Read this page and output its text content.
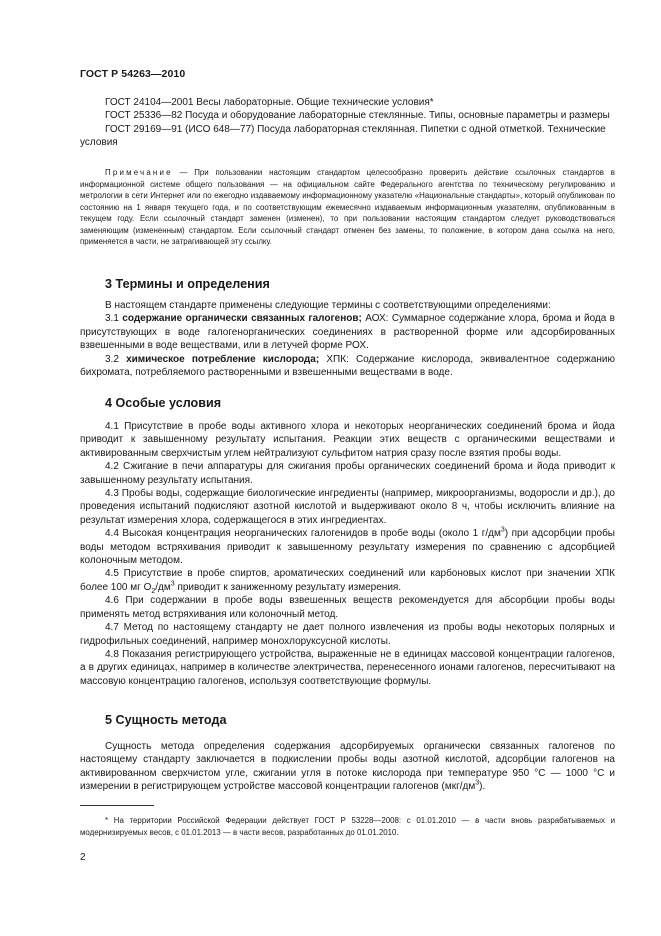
ГОСТ Р 54263—2010

ГОСТ 24104—2001 Весы лабораторные. Общие технические условия*

ГОСТ 25336—82 Посуда и оборудование лабораторные стеклянные. Типы, основные параметры и размеры

ГОСТ 29169—91 (ИСО 648—77) Посуда лабораторная стеклянная. Пипетки с одной отметкой. Технические условия

Примечание — При пользовании настоящим стандартом целесообразно проверить действие ссылочных стандартов в информационной системе общего пользования — на официальном сайте Федерального агентства по техническому регулированию и метрологии в сети Интернет или по ежегодно издаваемому информационному указателю «Национальные стандарты», который опубликован по состоянию на 1 января текущего года, и по соответствующим ежемесячно издаваемым информационным указателям, опубликованным в текущем году. Если ссылочный стандарт заменен (изменен), то при пользовании настоящим стандартом следует руководствоваться заменяющим (измененным) стандартом. Если ссылочный стандарт отменен без замены, то положение, в котором дана ссылка на него, применяется в части, не затрагивающей эту ссылку.

3 Термины и определения

В настоящем стандарте применены следующие термины с соответствующими определениями:

3.1 содержание органически связанных галогенов; АОХ: Суммарное содержание хлора, брома и йода в присутствующих в воде галогенорганических соединениях в растворенной форме или адсорбированных взвешенными в воде веществами, или в летучей форме РОХ.

3.2 химическое потребление кислорода; ХПК: Содержание кислорода, эквивалентное содержанию бихромата, потребляемого растворенными и взвешенными веществами в воде.

4 Особые условия

4.1 Присутствие в пробе воды активного хлора и некоторых неорганических соединений брома и йода приводит к завышенному результату испытания. Реакции этих веществ с органическими веществами и активированным сверхчистым углем нейтрализуют сульфитом натрия сразу после взятия пробы воды.

4.2 Сжигание в печи аппаратуры для сжигания пробы органических соединений брома и йода приводит к завышенному результату испытания.

4.3 Пробы воды, содержащие биологические ингредиенты (например, микроорганизмы, водоросли и др.), до проведения испытаний подкисляют азотной кислотой и выдерживают около 8 ч, чтобы исключить влияние на результат измерения хлора, содержащегося в этих ингредиентах.

4.4 Высокая концентрация неорганических галогенидов в пробе воды (около 1 $г/дм^3$) при адсорбции пробы воды методом встряхивания приводит к завышенному результату измерения по сравнению с адсорбцией колоночным методом.

4.5 Присутствие в пробе спиртов, ароматических соединений или карбоновых кислот при значении ХПК более 100 мг $О_2/дм^3$ приводит к заниженному результату измерения.

4.6 При содержании в пробе воды взвешенных веществ рекомендуется для абсорбции пробы воды применять метод встряхивания или колоночный метод.

4.7 Метод по настоящему стандарту не дает полного извлечения из пробы воды некоторых полярных и гидрофильных соединений, например монохлоруксусной кислоты.

4.8 Показания регистрирующего устройства, выраженные не в единицах массовой концентрации галогенов, а в других единицах, например в количестве электричества, перенесенного ионами галогенов, пересчитывают на массовую концентрацию галогенов, используя соответствующие формулы.

5 Сущность метода

Сущность метода определения содержания адсорбируемых органически связанных галогенов по настоящему стандарту заключается в подкислении пробы воды азотной кислотой, адсорбции галогенов на активированном сверхчистом угле, сжигании угля в потоке кислорода при температуре 950 °С — 1000 °С и измерении в регистрирующем устройстве массовой концентрации галогенов $(мкг/дм^3)$.

* На территории Российской Федерации действует ГОСТ Р 53228—2008: с 01.01.2010 — в части вновь разрабатываемых и модернизируемых весов, с 01.01.2013 — в части весов, разработанных до 01.01.2010.

2
